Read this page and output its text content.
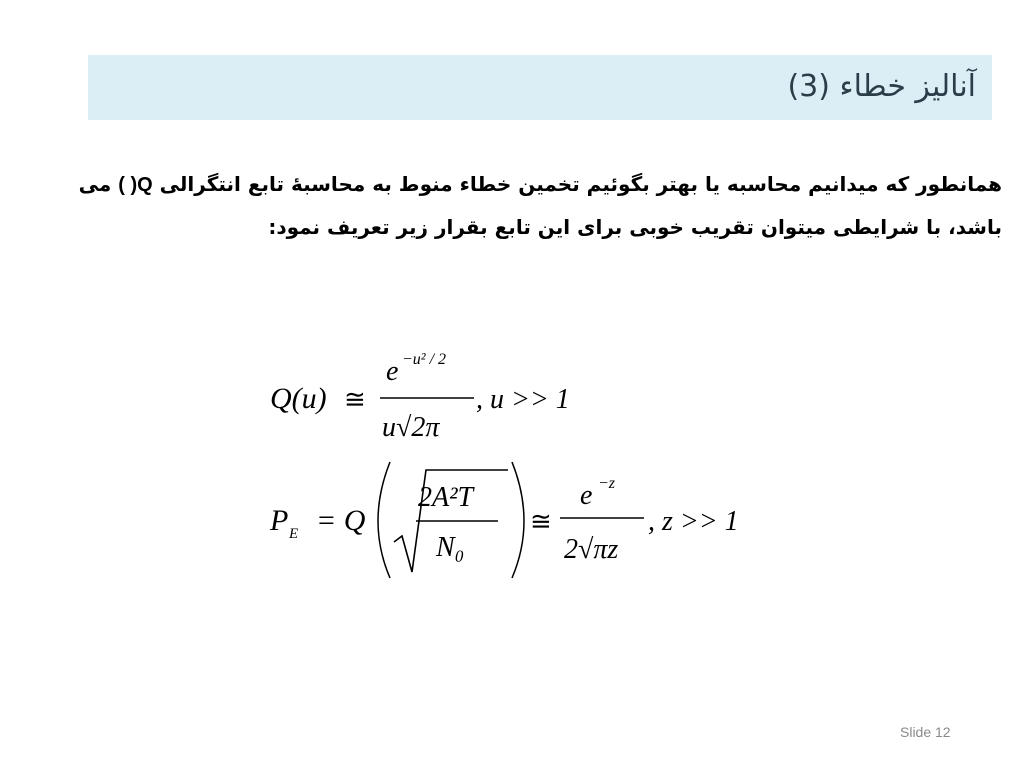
آنالیز خطاء (3)
همانطور که میدانیم محاسبه یا بهتر بگوئیم تخمین خطاء منوط به محاسبهٔ تابع انتگرالی Q( ) می
باشد، با شرایطی میتوان تقریب خوبی برای این تابع بقرار زیر تعریف نمود:
Q(u) ≅
e −u² / 2
u√2π
, u >> 1
P E = Q
2A²T
N₀
≅
e −z
2√πz
, z >> 1
Slide 12
